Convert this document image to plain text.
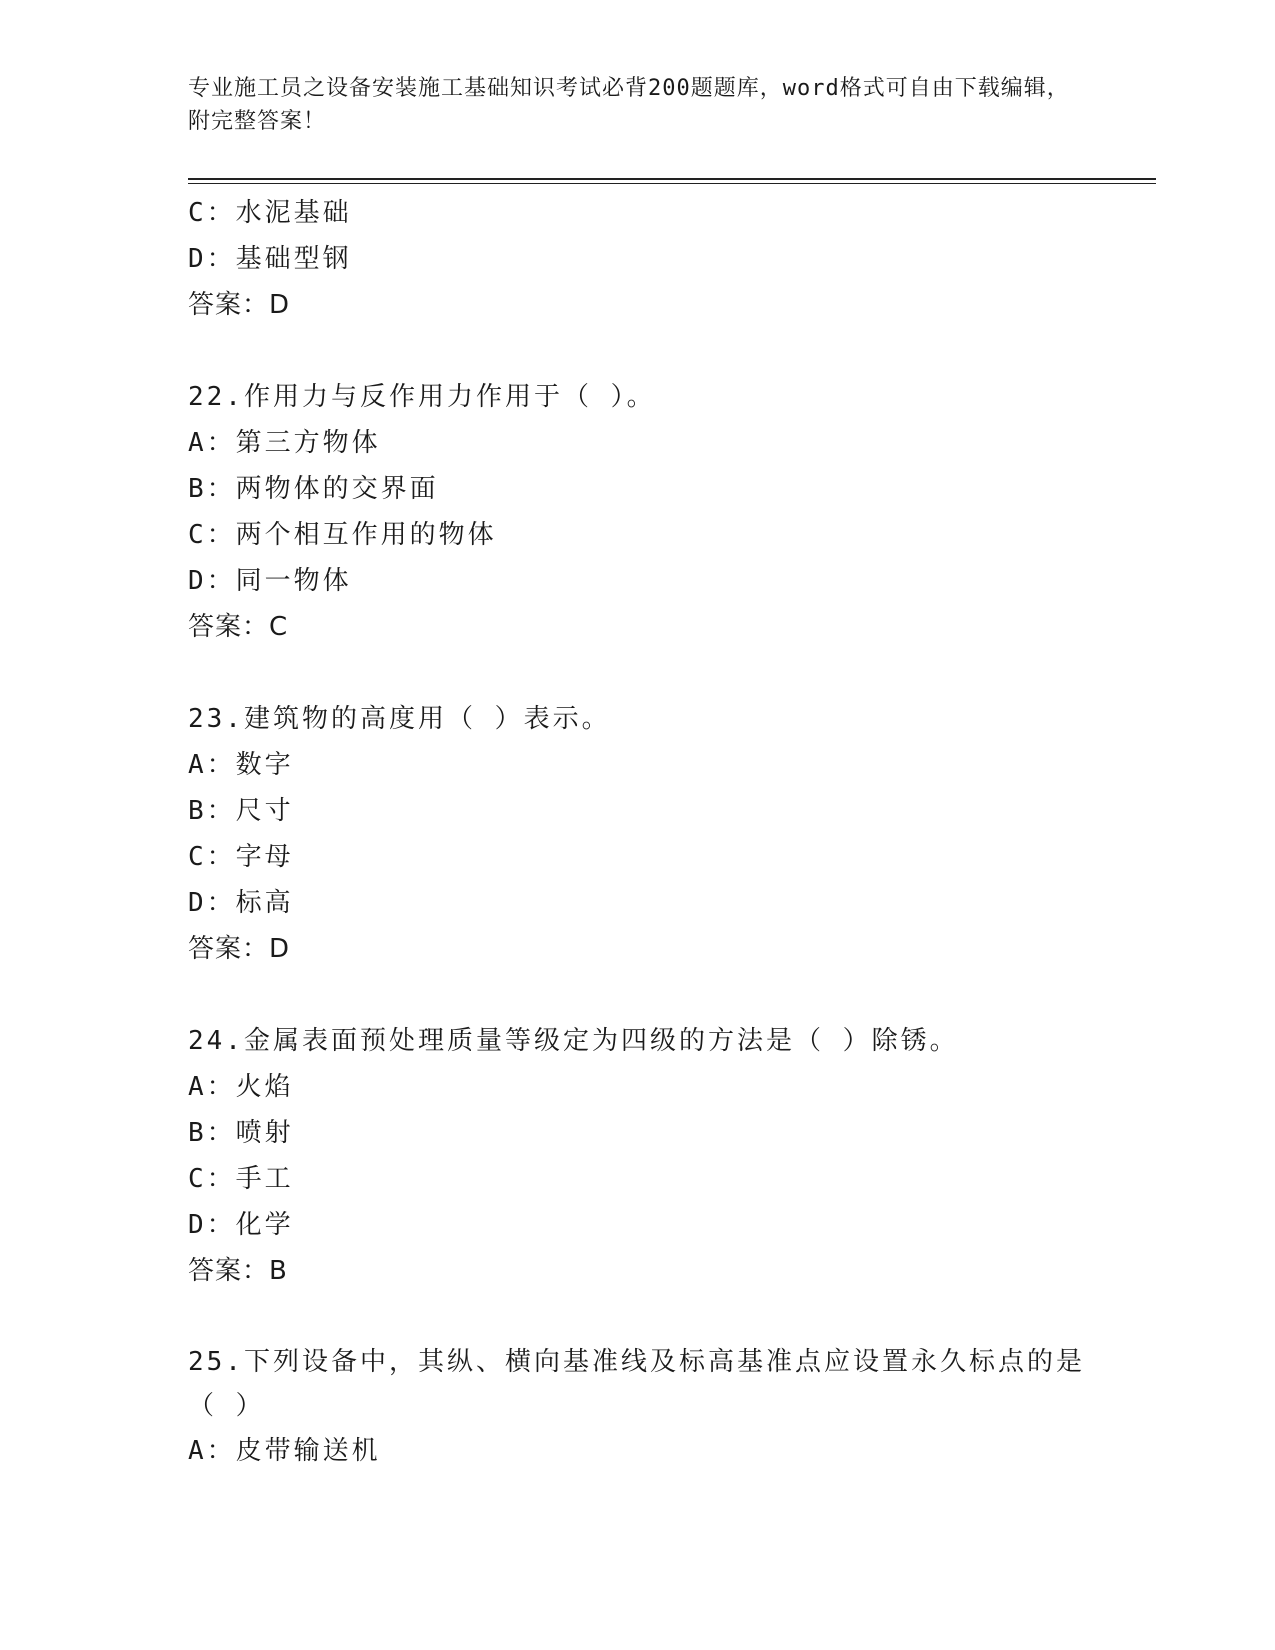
专业施工员之设备安装施工基础知识考试必背200题题库，word格式可自由下载编辑，附完整答案！
C：水泥基础
D：基础型钢
答案：D
22.作用力与反作用力作用于（ ）。
A：第三方物体
B：两物体的交界面
C：两个相互作用的物体
D：同一物体
答案：C
23.建筑物的高度用（ ）表示。
A：数字
B：尺寸
C：字母
D：标高
答案：D
24.金属表面预处理质量等级定为四级的方法是（ ）除锈。
A：火焰
B：喷射
C：手工
D：化学
答案：B
25.下列设备中，其纵、横向基准线及标高基准点应设置永久标点的是（ ）
A：皮带输送机
